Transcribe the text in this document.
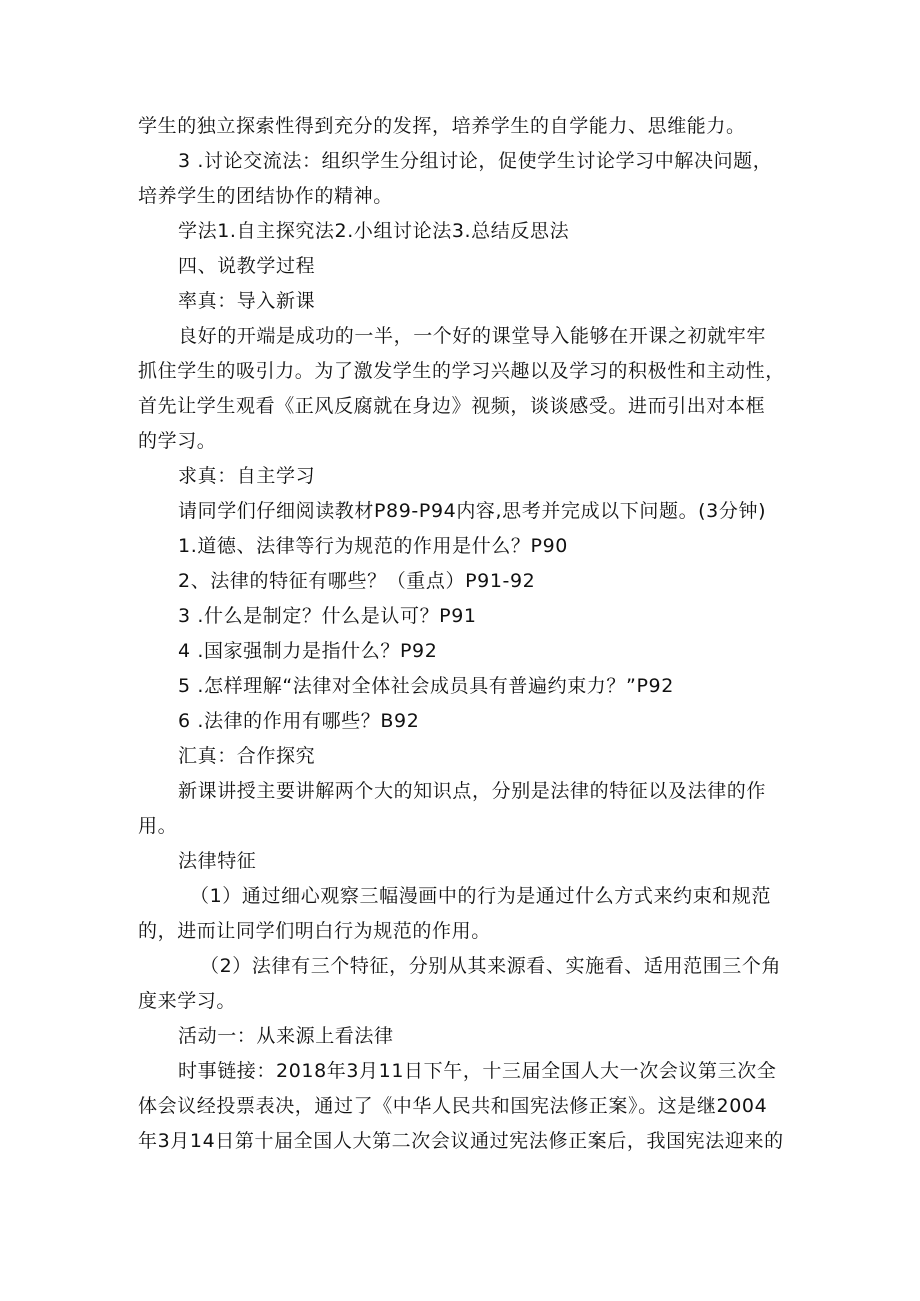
学生的独立探索性得到充分的发挥，培养学生的自学能力、思维能力。
3 .讨论交流法：组织学生分组讨论，促使学生讨论学习中解决问题，
培养学生的团结协作的精神。
学法1.自主探究法2.小组讨论法3.总结反思法
四、说教学过程
率真：导入新课
良好的开端是成功的一半，一个好的课堂导入能够在开课之初就牢牢
抓住学生的吸引力。为了激发学生的学习兴趣以及学习的积极性和主动性，
首先让学生观看《正风反腐就在身边》视频，谈谈感受。进而引出对本框
的学习。
求真：自主学习
请同学们仔细阅读教材P89-P94内容,思考并完成以下问题。(3分钟)
1.道德、法律等行为规范的作用是什么？P90
2、法律的特征有哪些？（重点）P91-92
3 .什么是制定？什么是认可？P91
4 .国家强制力是指什么？P92
5 .怎样理解“法律对全体社会成员具有普遍约束力？”P92
6 .法律的作用有哪些？B92
汇真：合作探究
新课讲授主要讲解两个大的知识点，分别是法律的特征以及法律的作
用。
法律特征
（1）通过细心观察三幅漫画中的行为是通过什么方式来约束和规范
的，进而让同学们明白行为规范的作用。
（2）法律有三个特征，分别从其来源看、实施看、适用范围三个角
度来学习。
活动一：从来源上看法律
时事链接：2018年3月11日下午，十三届全国人大一次会议第三次全
体会议经投票表决，通过了《中华人民共和国宪法修正案》。这是继2004
年3月14日第十届全国人大第二次会议通过宪法修正案后，我国宪法迎来的
